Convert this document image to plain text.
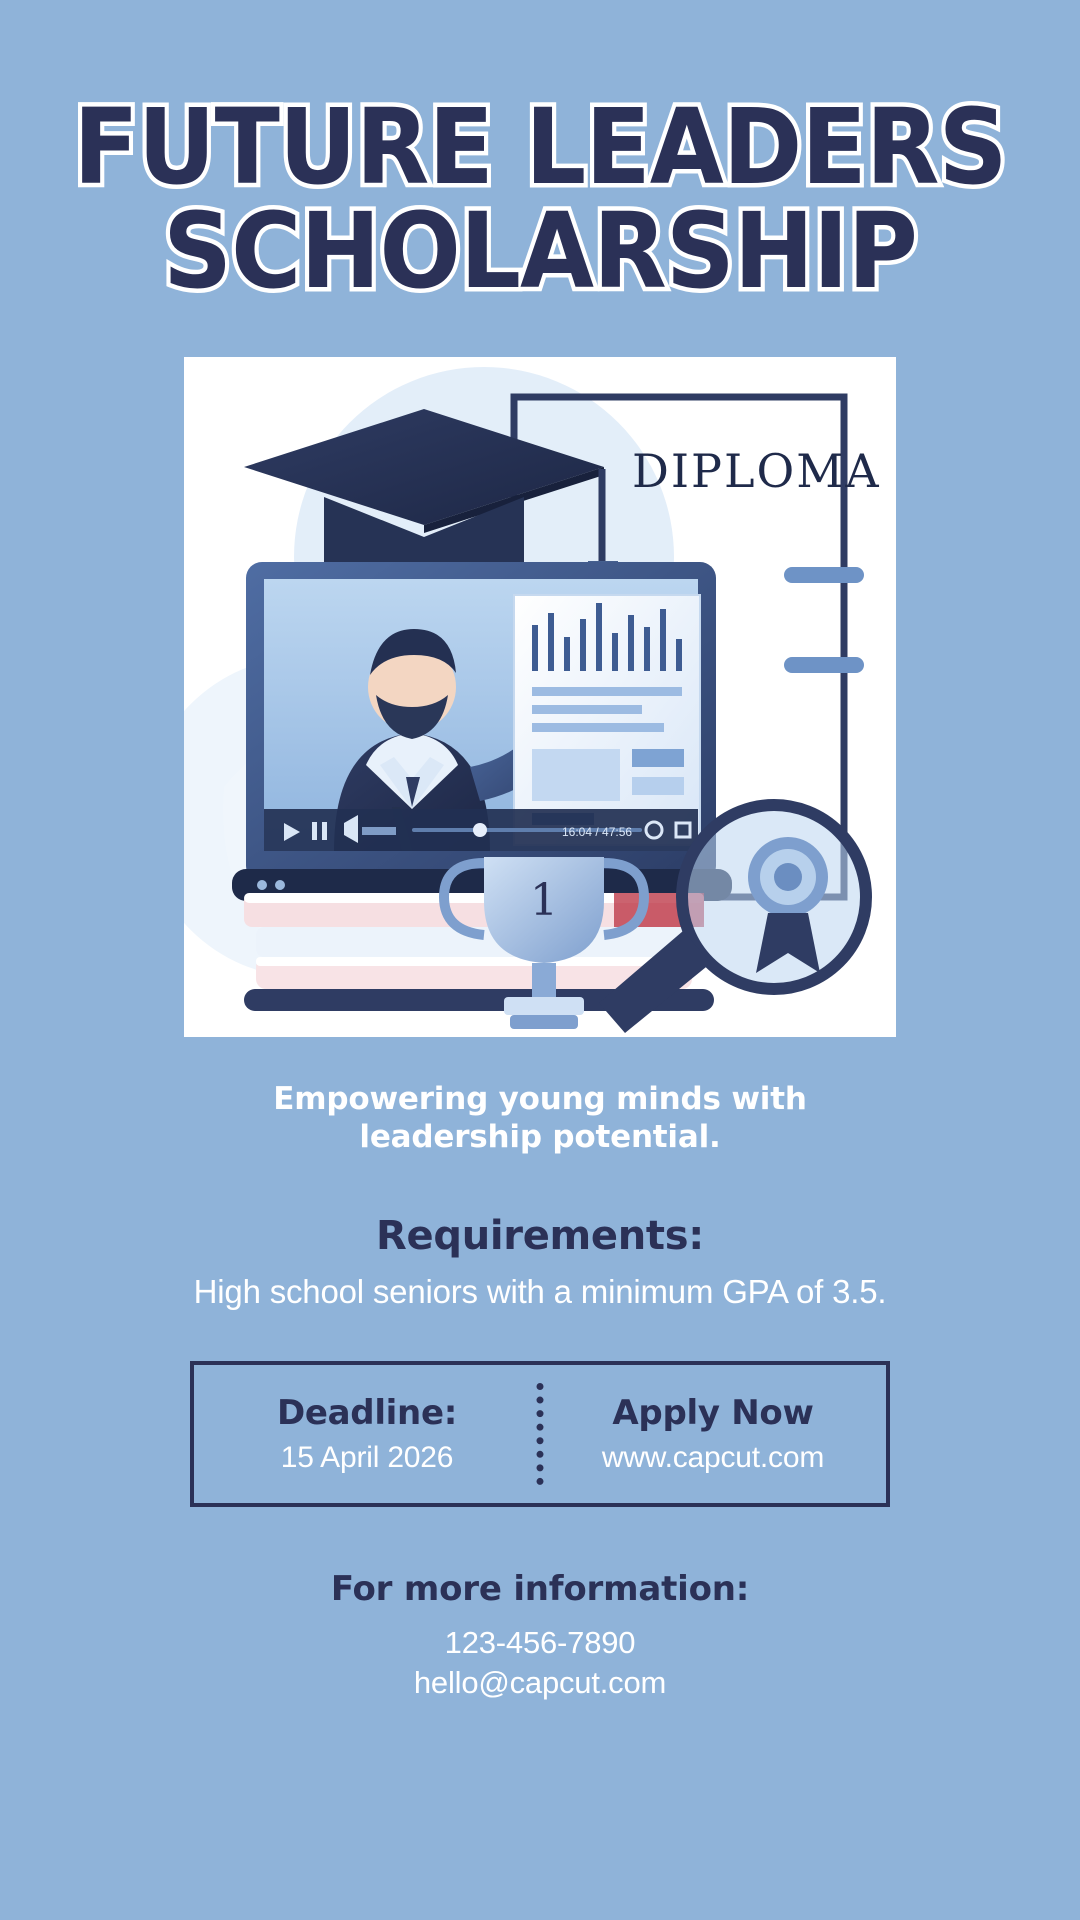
FUTURE LEADERS
SCHOLARSHIP
DIPLOMA
16:04 / 47:56
1
Empowering young minds with leadership potential.
Requirements:
High school seniors with a minimum GPA of 3.5.
Deadline:
15 April 2026
Apply Now
www.capcut.com
For more information:
123-456-7890
hello@capcut.com
